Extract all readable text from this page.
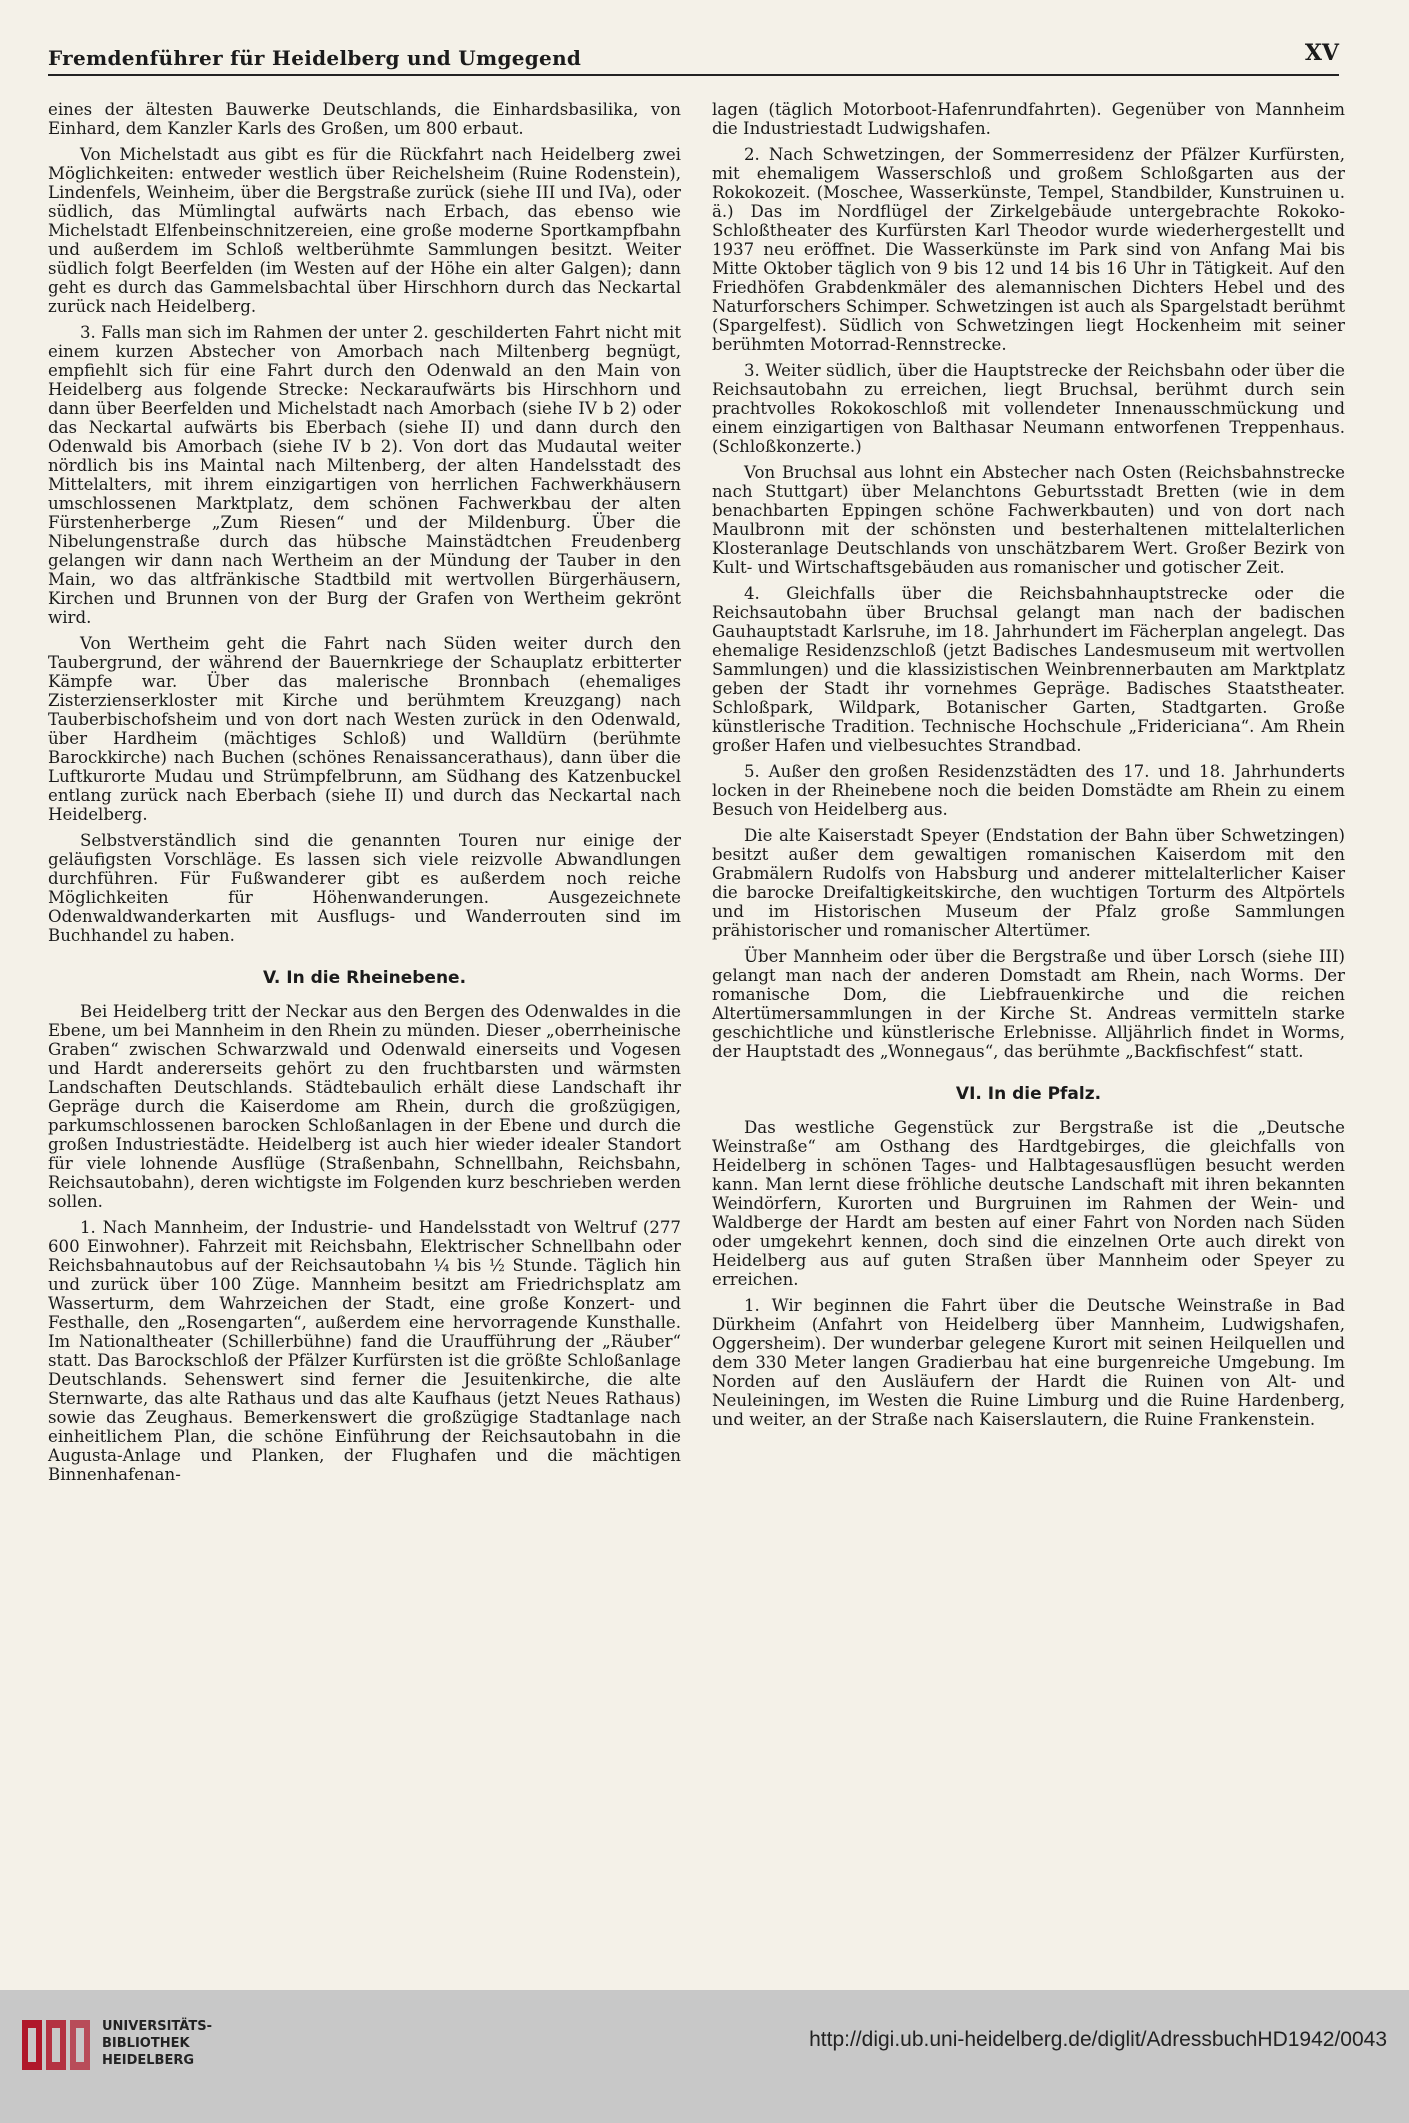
Fremdenführer für Heidelberg und Umgegend	XV

eines der ältesten Bauwerke Deutschlands, die Einhardsbasilika, von Einhard, dem Kanzler Karls des Großen, um 800 erbaut.

Von Michelstadt aus gibt es für die Rückfahrt nach Heidelberg zwei Möglichkeiten: entweder westlich über Reichelsheim (Ruine Rodenstein), Lindenfels, Weinheim, über die Bergstraße zurück (siehe III und IVa), oder südlich, das Mümlingtal aufwärts nach Erbach, das ebenso wie Michelstadt Elfenbeinschnitzereien, eine große moderne Sportkampfbahn und außerdem im Schloß weltberühmte Sammlungen besitzt. Weiter südlich folgt Beerfelden (im Westen auf der Höhe ein alter Galgen); dann geht es durch das Gammelsbachtal über Hirschhorn durch das Neckartal zurück nach Heidelberg.

3. Falls man sich im Rahmen der unter 2. geschilderten Fahrt nicht mit einem kurzen Abstecher von Amorbach nach Miltenberg begnügt, empfiehlt sich für eine Fahrt durch den Odenwald an den Main von Heidelberg aus folgende Strecke: Neckaraufwärts bis Hirschhorn und dann über Beerfelden und Michelstadt nach Amorbach (siehe IV b 2) oder das Neckartal aufwärts bis Eberbach (siehe II) und dann durch den Odenwald bis Amorbach (siehe IV b 2). Von dort das Mudautal weiter nördlich bis ins Maintal nach Miltenberg, der alten Handelsstadt des Mittelalters, mit ihrem einzigartigen von herrlichen Fachwerkhäusern umschlossenen Marktplatz, dem schönen Fachwerkbau der alten Fürstenherberge „Zum Riesen“ und der Mildenburg. Über die Nibelungenstraße durch das hübsche Mainstädtchen Freudenberg gelangen wir dann nach Wertheim an der Mündung der Tauber in den Main, wo das altfränkische Stadtbild mit wertvollen Bürgerhäusern, Kirchen und Brunnen von der Burg der Grafen von Wertheim gekrönt wird.

Von Wertheim geht die Fahrt nach Süden weiter durch den Taubergrund, der während der Bauernkriege der Schauplatz erbitterter Kämpfe war. Über das malerische Bronnbach (ehemaliges Zisterzienserkloster mit Kirche und berühmtem Kreuzgang) nach Tauberbischofsheim und von dort nach Westen zurück in den Odenwald, über Hardheim (mächtiges Schloß) und Walldürn (berühmte Barockkirche) nach Buchen (schönes Renaissancerathaus), dann über die Luftkurorte Mudau und Strümpfelbrunn, am Südhang des Katzenbuckel entlang zurück nach Eberbach (siehe II) und durch das Neckartal nach Heidelberg.

Selbstverständlich sind die genannten Touren nur einige der geläufigsten Vorschläge. Es lassen sich viele reizvolle Abwandlungen durchführen. Für Fußwanderer gibt es außerdem noch reiche Möglichkeiten für Höhenwanderungen. Ausgezeichnete Odenwaldwanderkarten mit Ausflugs- und Wanderrouten sind im Buchhandel zu haben.

V. In die Rheinebene.

Bei Heidelberg tritt der Neckar aus den Bergen des Odenwaldes in die Ebene, um bei Mannheim in den Rhein zu münden. Dieser „oberrheinische Graben“ zwischen Schwarzwald und Odenwald einerseits und Vogesen und Hardt andererseits gehört zu den fruchtbarsten und wärmsten Landschaften Deutschlands. Städtebaulich erhält diese Landschaft ihr Gepräge durch die Kaiserdome am Rhein, durch die großzügigen, parkumschlossenen barocken Schloßanlagen in der Ebene und durch die großen Industriestädte. Heidelberg ist auch hier wieder idealer Standort für viele lohnende Ausflüge (Straßenbahn, Schnellbahn, Reichsbahn, Reichsautobahn), deren wichtigste im Folgenden kurz beschrieben werden sollen.

1. Nach Mannheim, der Industrie- und Handelsstadt von Weltruf (277 600 Einwohner). Fahrzeit mit Reichsbahn, Elektrischer Schnellbahn oder Reichsbahnautobus auf der Reichsautobahn ¼ bis ½ Stunde. Täglich hin und zurück über 100 Züge. Mannheim besitzt am Friedrichsplatz am Wasserturm, dem Wahrzeichen der Stadt, eine große Konzert- und Festhalle, den „Rosengarten“, außerdem eine hervorragende Kunsthalle. Im Nationaltheater (Schillerbühne) fand die Uraufführung der „Räuber“ statt. Das Barockschloß der Pfälzer Kurfürsten ist die größte Schloßanlage Deutschlands. Sehenswert sind ferner die Jesuitenkirche, die alte Sternwarte, das alte Rathaus und das alte Kaufhaus (jetzt Neues Rathaus) sowie das Zeughaus. Bemerkenswert die großzügige Stadtanlage nach einheitlichem Plan, die schöne Einführung der Reichsautobahn in die Augusta-Anlage und Planken, der Flughafen und die mächtigen Binnenhafenan-

lagen (täglich Motorboot-Hafenrundfahrten). Gegenüber von Mannheim die Industriestadt Ludwigshafen.

2. Nach Schwetzingen, der Sommerresidenz der Pfälzer Kurfürsten, mit ehemaligem Wasserschloß und großem Schloßgarten aus der Rokokozeit. (Moschee, Wasserkünste, Tempel, Standbilder, Kunstruinen u. ä.) Das im Nordflügel der Zirkelgebäude untergebrachte Rokoko-Schloßtheater des Kurfürsten Karl Theodor wurde wiederhergestellt und 1937 neu eröffnet. Die Wasserkünste im Park sind von Anfang Mai bis Mitte Oktober täglich von 9 bis 12 und 14 bis 16 Uhr in Tätigkeit. Auf den Friedhöfen Grabdenkmäler des alemannischen Dichters Hebel und des Naturforschers Schimper. Schwetzingen ist auch als Spargelstadt berühmt (Spargelfest). Südlich von Schwetzingen liegt Hockenheim mit seiner berühmten Motorrad-Rennstrecke.

3. Weiter südlich, über die Hauptstrecke der Reichsbahn oder über die Reichsautobahn zu erreichen, liegt Bruchsal, berühmt durch sein prachtvolles Rokokoschloß mit vollendeter Innenausschmückung und einem einzigartigen von Balthasar Neumann entworfenen Treppenhaus. (Schloßkonzerte.)

Von Bruchsal aus lohnt ein Abstecher nach Osten (Reichsbahnstrecke nach Stuttgart) über Melanchtons Geburtsstadt Bretten (wie in dem benachbarten Eppingen schöne Fachwerkbauten) und von dort nach Maulbronn mit der schönsten und besterhaltenen mittelalterlichen Klosteranlage Deutschlands von unschätzbarem Wert. Großer Bezirk von Kult- und Wirtschaftsgebäuden aus romanischer und gotischer Zeit.

4. Gleichfalls über die Reichsbahnhauptstrecke oder die Reichsautobahn über Bruchsal gelangt man nach der badischen Gauhauptstadt Karlsruhe, im 18. Jahrhundert im Fächerplan angelegt. Das ehemalige Residenzschloß (jetzt Badisches Landesmuseum mit wertvollen Sammlungen) und die klassizistischen Weinbrennerbauten am Marktplatz geben der Stadt ihr vornehmes Gepräge. Badisches Staatstheater. Schloßpark, Wildpark, Botanischer Garten, Stadtgarten. Große künstlerische Tradition. Technische Hochschule „Fridericiana“. Am Rhein großer Hafen und vielbesuchtes Strandbad.

5. Außer den großen Residenzstädten des 17. und 18. Jahrhunderts locken in der Rheinebene noch die beiden Domstädte am Rhein zu einem Besuch von Heidelberg aus.

Die alte Kaiserstadt Speyer (Endstation der Bahn über Schwetzingen) besitzt außer dem gewaltigen romanischen Kaiserdom mit den Grabmälern Rudolfs von Habsburg und anderer mittelalterlicher Kaiser die barocke Dreifaltigkeitskirche, den wuchtigen Torturm des Altpörtels und im Historischen Museum der Pfalz große Sammlungen prähistorischer und romanischer Altertümer.

Über Mannheim oder über die Bergstraße und über Lorsch (siehe III) gelangt man nach der anderen Domstadt am Rhein, nach Worms. Der romanische Dom, die Liebfrauenkirche und die reichen Altertümersammlungen in der Kirche St. Andreas vermitteln starke geschichtliche und künstlerische Erlebnisse. Alljährlich findet in Worms, der Hauptstadt des „Wonnegaus“, das berühmte „Backfischfest“ statt.

VI. In die Pfalz.

Das westliche Gegenstück zur Bergstraße ist die „Deutsche Weinstraße“ am Osthang des Hardtgebirges, die gleichfalls von Heidelberg in schönen Tages- und Halbtagesausflügen besucht werden kann. Man lernt diese fröhliche deutsche Landschaft mit ihren bekannten Weindörfern, Kurorten und Burgruinen im Rahmen der Wein- und Waldberge der Hardt am besten auf einer Fahrt von Norden nach Süden oder umgekehrt kennen, doch sind die einzelnen Orte auch direkt von Heidelberg aus auf guten Straßen über Mannheim oder Speyer zu erreichen.

1. Wir beginnen die Fahrt über die Deutsche Weinstraße in Bad Dürkheim (Anfahrt von Heidelberg über Mannheim, Ludwigshafen, Oggersheim). Der wunderbar gelegene Kurort mit seinen Heilquellen und dem 330 Meter langen Gradierbau hat eine burgenreiche Umgebung. Im Norden auf den Ausläufern der Hardt die Ruinen von Alt- und Neuleiningen, im Westen die Ruine Limburg und die Ruine Hardenberg, und weiter, an der Straße nach Kaiserslautern, die Ruine Frankenstein.

UNIVERSITÄTS-
BIBLIOTHEK
HEIDELBERG
http://digi.ub.uni-heidelberg.de/diglit/AdressbuchHD1942/0043
